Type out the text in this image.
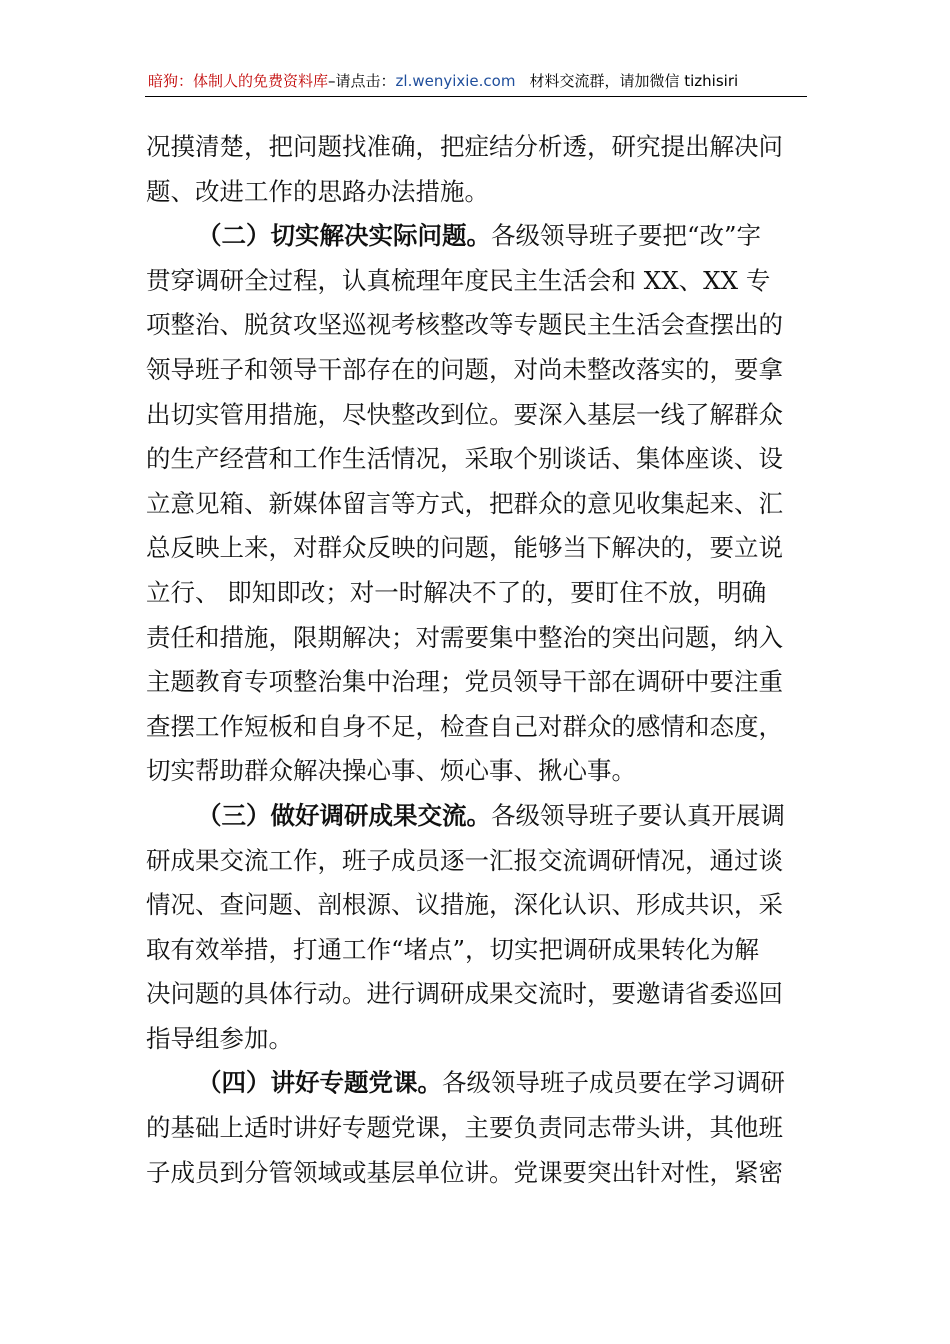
暗狗：体制人的免费资料库–请点击：zl.wenyixie.com 材料交流群，请加微信 tizhisiri
况摸清楚，把问题找准确，把症结分析透，研究提出解决问
题、改进工作的思路办法措施。
（二）切实解决实际问题。各级领导班子要把“改”字
贯穿调研全过程，认真梳理年度民主生活会和 XX、XX 专
项整治、脱贫攻坚巡视考核整改等专题民主生活会查摆出的
领导班子和领导干部存在的问题，对尚未整改落实的，要拿
出切实管用措施，尽快整改到位。要深入基层一线了解群众
的生产经营和工作生活情况，采取个别谈话、集体座谈、设
立意见箱、新媒体留言等方式，把群众的意见收集起来、汇
总反映上来，对群众反映的问题，能够当下解决的，要立说
立行、 即知即改；对一时解决不了的，要盯住不放，明确
责任和措施，限期解决；对需要集中整治的突出问题，纳入
主题教育专项整治集中治理；党员领导干部在调研中要注重
查摆工作短板和自身不足，检查自己对群众的感情和态度，
切实帮助群众解决操心事、烦心事、揪心事。
（三）做好调研成果交流。各级领导班子要认真开展调
研成果交流工作，班子成员逐一汇报交流调研情况，通过谈
情况、查问题、剖根源、议措施，深化认识、形成共识，采
取有效举措，打通工作“堵点”，切实把调研成果转化为解
决问题的具体行动。进行调研成果交流时，要邀请省委巡回
指导组参加。
（四）讲好专题党课。各级领导班子成员要在学习调研
的基础上适时讲好专题党课，主要负责同志带头讲，其他班
子成员到分管领域或基层单位讲。党课要突出针对性，紧密
